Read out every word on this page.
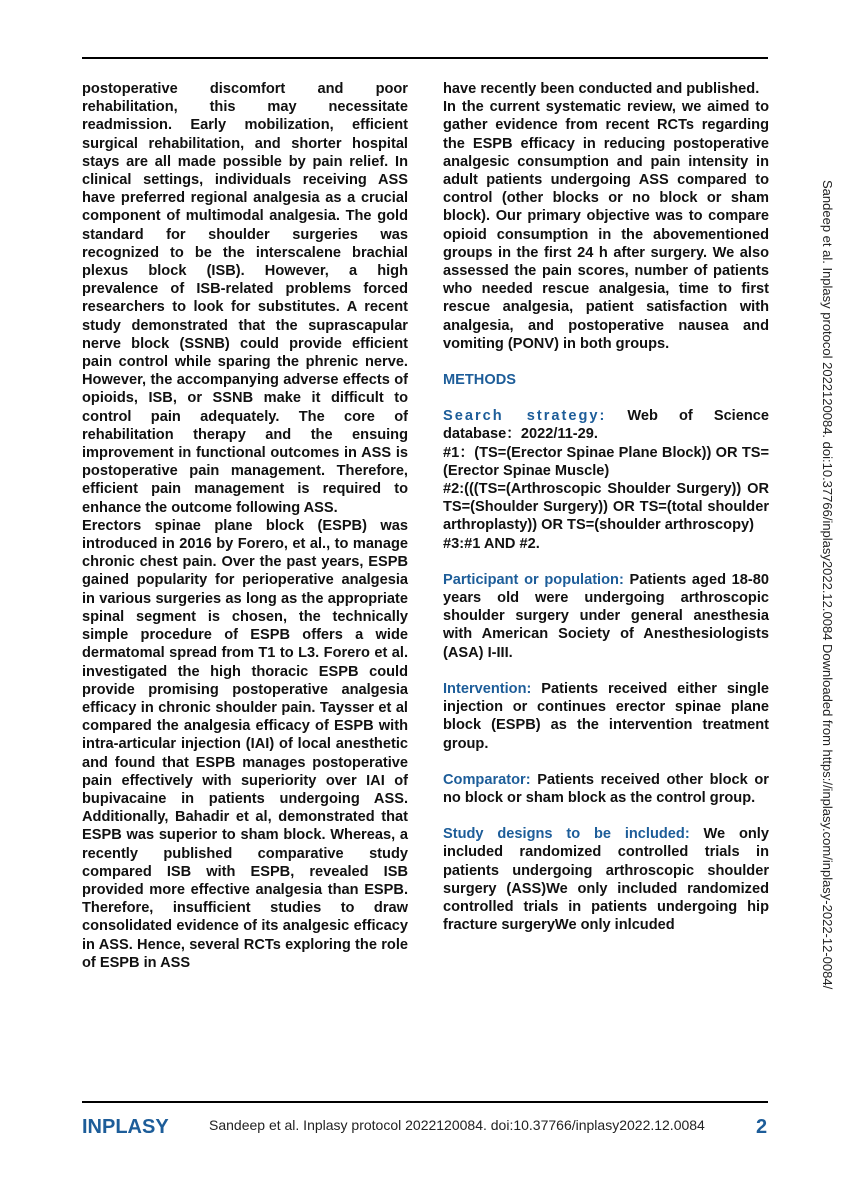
postoperative discomfort and poor rehabilitation, this may necessitate readmission. Early mobilization, efficient surgical rehabilitation, and shorter hospital stays are all made possible by pain relief. In clinical settings, individuals receiving ASS have preferred regional analgesia as a crucial component of multimodal analgesia. The gold standard for shoulder surgeries was recognized to be the interscalene brachial plexus block (ISB). However, a high prevalence of ISB-related problems forced researchers to look for substitutes. A recent study demonstrated that the suprascapular nerve block (SSNB) could provide efficient pain control while sparing the phrenic nerve. However, the accompanying adverse effects of opioids, ISB, or SSNB make it difficult to control pain adequately. The core of rehabilitation therapy and the ensuing improvement in functional outcomes in ASS is postoperative pain management. Therefore, efficient pain management is required to enhance the outcome following ASS.

Erectors spinae plane block (ESPB) was introduced in 2016 by Forero, et al., to manage chronic chest pain. Over the past years, ESPB gained popularity for perioperative analgesia in various surgeries as long as the appropriate spinal segment is chosen, the technically simple procedure of ESPB offers a wide dermatomal spread from T1 to L3. Forero et al. investigated the high thoracic ESPB could provide promising postoperative analgesia efficacy in chronic shoulder pain. Taysser et al compared the analgesia efficacy of ESPB with intra-articular injection (IAI) of local anesthetic and found that ESPB manages postoperative pain effectively with superiority over IAI of bupivacaine in patients undergoing ASS. Additionally, Bahadir et al, demonstrated that ESPB was superior to sham block. Whereas, a recently published comparative study compared ISB with ESPB, revealed ISB provided more effective analgesia than ESPB. Therefore, insufficient studies to draw consolidated evidence of its analgesic efficacy in ASS. Hence, several RCTs exploring the role of ESPB in ASS

have recently been conducted and published.

In the current systematic review, we aimed to gather evidence from recent RCTs regarding the ESPB efficacy in reducing postoperative analgesic consumption and pain intensity in adult patients undergoing ASS compared to control (other blocks or no block or sham block). Our primary objective was to compare opioid consumption in the abovementioned groups in the first 24 h after surgery. We also assessed the pain scores, number of patients who needed rescue analgesia, time to first rescue analgesia, patient satisfaction with analgesia, and postoperative nausea and vomiting (PONV) in both groups.

METHODS

Search strategy: Web of Science database：2022/11-29.

#1：(TS=(Erector Spinae Plane Block)) OR TS=(Erector Spinae Muscle)

#2:(((TS=(Arthroscopic Shoulder Surgery)) OR TS=(Shoulder Surgery)) OR TS=(total shoulder arthroplasty)) OR TS=(shoulder arthroscopy)

#3:#1 AND #2.

Participant or population: Patients aged 18-80 years old were undergoing arthroscopic shoulder surgery under general anesthesia with American Society of Anesthesiologists (ASA) I-III.

Intervention: Patients received either single injection or continues erector spinae plane block (ESPB) as the intervention treatment group.

Comparator: Patients received other block or no block or sham block as the control group.

Study designs to be included: We only included randomized controlled trials in patients undergoing arthroscopic shoulder surgery (ASS)We only included randomized controlled trials in patients undergoing hip fracture surgeryWe only inlcuded	Sandeep et al. Inplasy protocol 2022120084. doi:10.37766/inplasy2022.12.0084 Downloaded from https://inplasy.com/inplasy-2022-12-0084/
INPLASY	Sandeep et al. Inplasy protocol 2022120084. doi:10.37766/inplasy2022.12.0084	2
